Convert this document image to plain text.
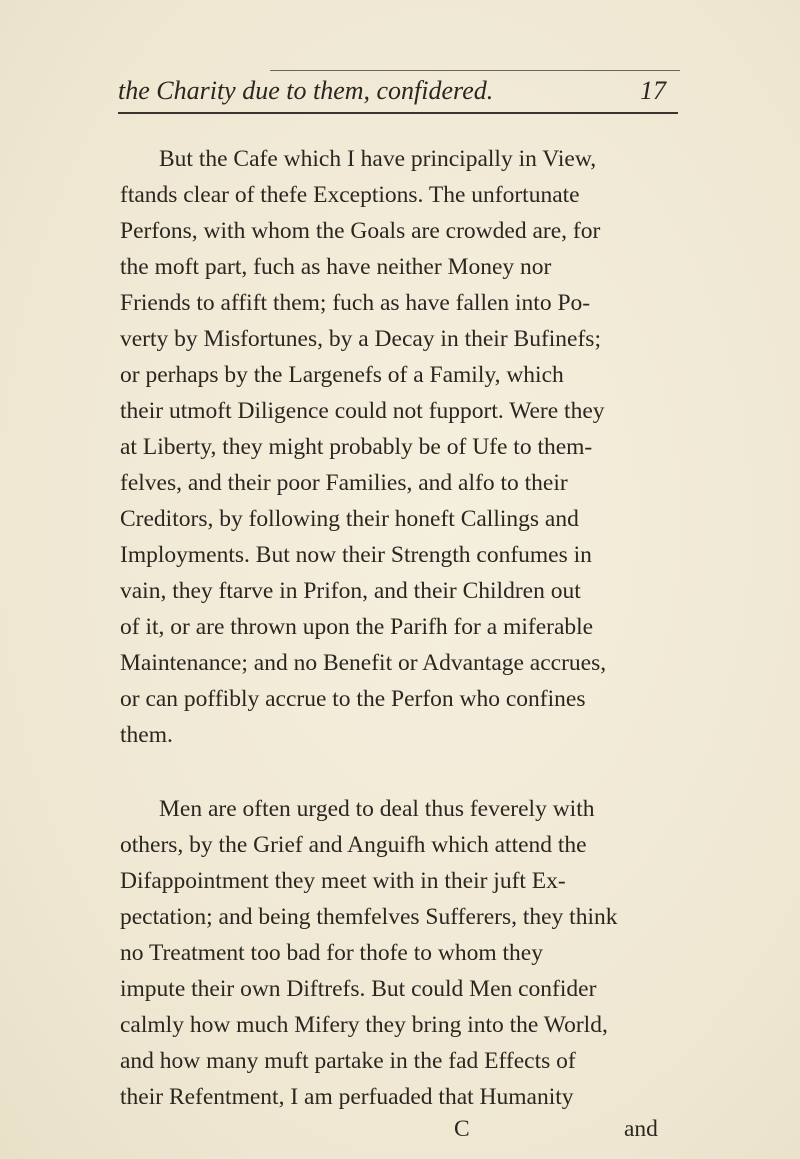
the Charity due to them, confidered.	17
But the Cafe which I have principally in View,
ftands clear of thefe Exceptions. The unfortunate
Perfons, with whom the Goals are crowded are, for
the moft part, fuch as have neither Money nor
Friends to affift them; fuch as have fallen into Po-
verty by Misfortunes, by a Decay in their Bufinefs;
or perhaps by the Largenefs of a Family, which
their utmoft Diligence could not fupport. Were they
at Liberty, they might probably be of Ufe to them-
felves, and their poor Families, and alfo to their
Creditors, by following their honeft Callings and
Imployments. But now their Strength confumes in
vain, they ftarve in Prifon, and their Children out
of it, or are thrown upon the Parifh for a miferable
Maintenance; and no Benefit or Advantage accrues,
or can poffibly accrue to the Perfon who confines
them.
Men are often urged to deal thus feverely with
others, by the Grief and Anguifh which attend the
Difappointment they meet with in their juft Ex-
pectation; and being themfelves Sufferers, they think
no Treatment too bad for thofe to whom they
impute their own Diftrefs. But could Men confider
calmly how much Mifery they bring into the World,
and how many muft partake in the fad Effects of
their Refentment, I am perfuaded that Humanity
C	and
